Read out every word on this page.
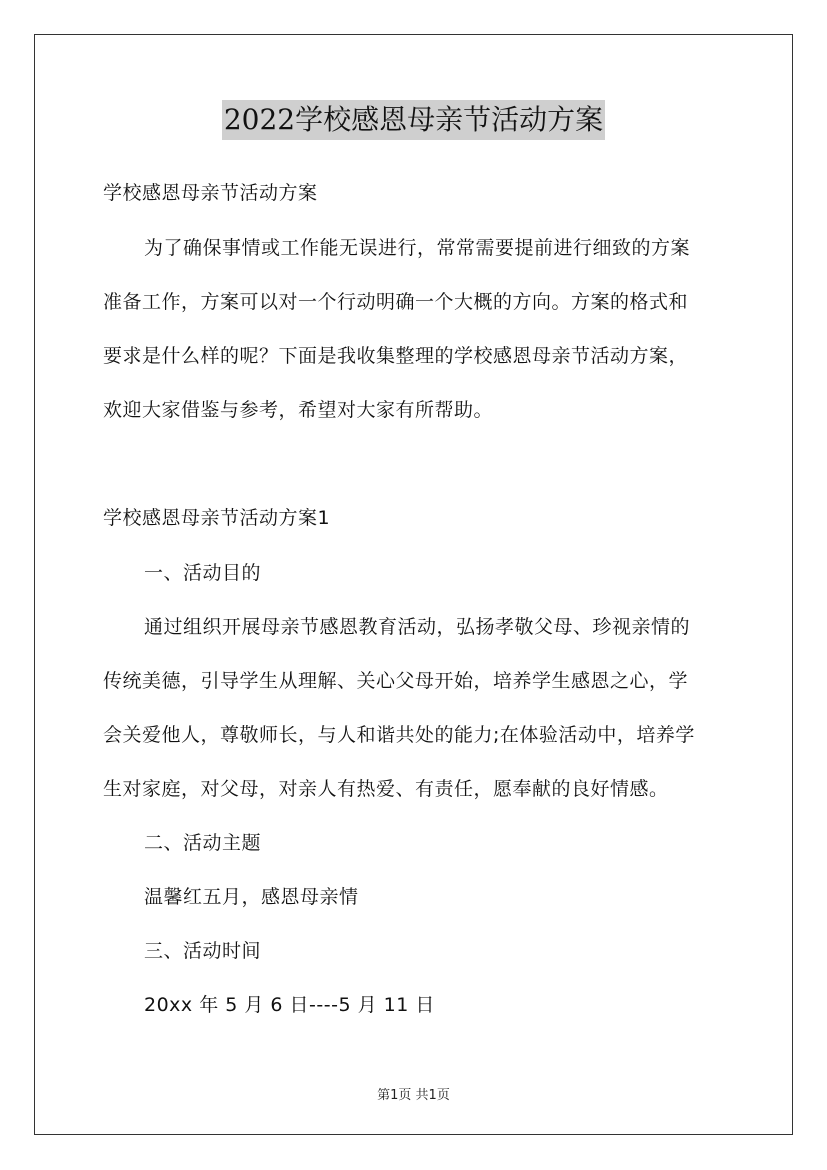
2022学校感恩母亲节活动方案
学校感恩母亲节活动方案
为了确保事情或工作能无误进行，常常需要提前进行细致的方案
准备工作，方案可以对一个行动明确一个大概的方向。方案的格式和
要求是什么样的呢？下面是我收集整理的学校感恩母亲节活动方案，
欢迎大家借鉴与参考，希望对大家有所帮助。
学校感恩母亲节活动方案1
一、活动目的
通过组织开展母亲节感恩教育活动，弘扬孝敬父母、珍视亲情的
传统美德，引导学生从理解、关心父母开始，培养学生感恩之心，学
会关爱他人，尊敬师长，与人和谐共处的能力;在体验活动中，培养学
生对家庭，对父母，对亲人有热爱、有责任，愿奉献的良好情感。
二、活动主题
温馨红五月，感恩母亲情
三、活动时间
20xx 年 5 月 6 日----5 月 11 日
第1页 共1页
